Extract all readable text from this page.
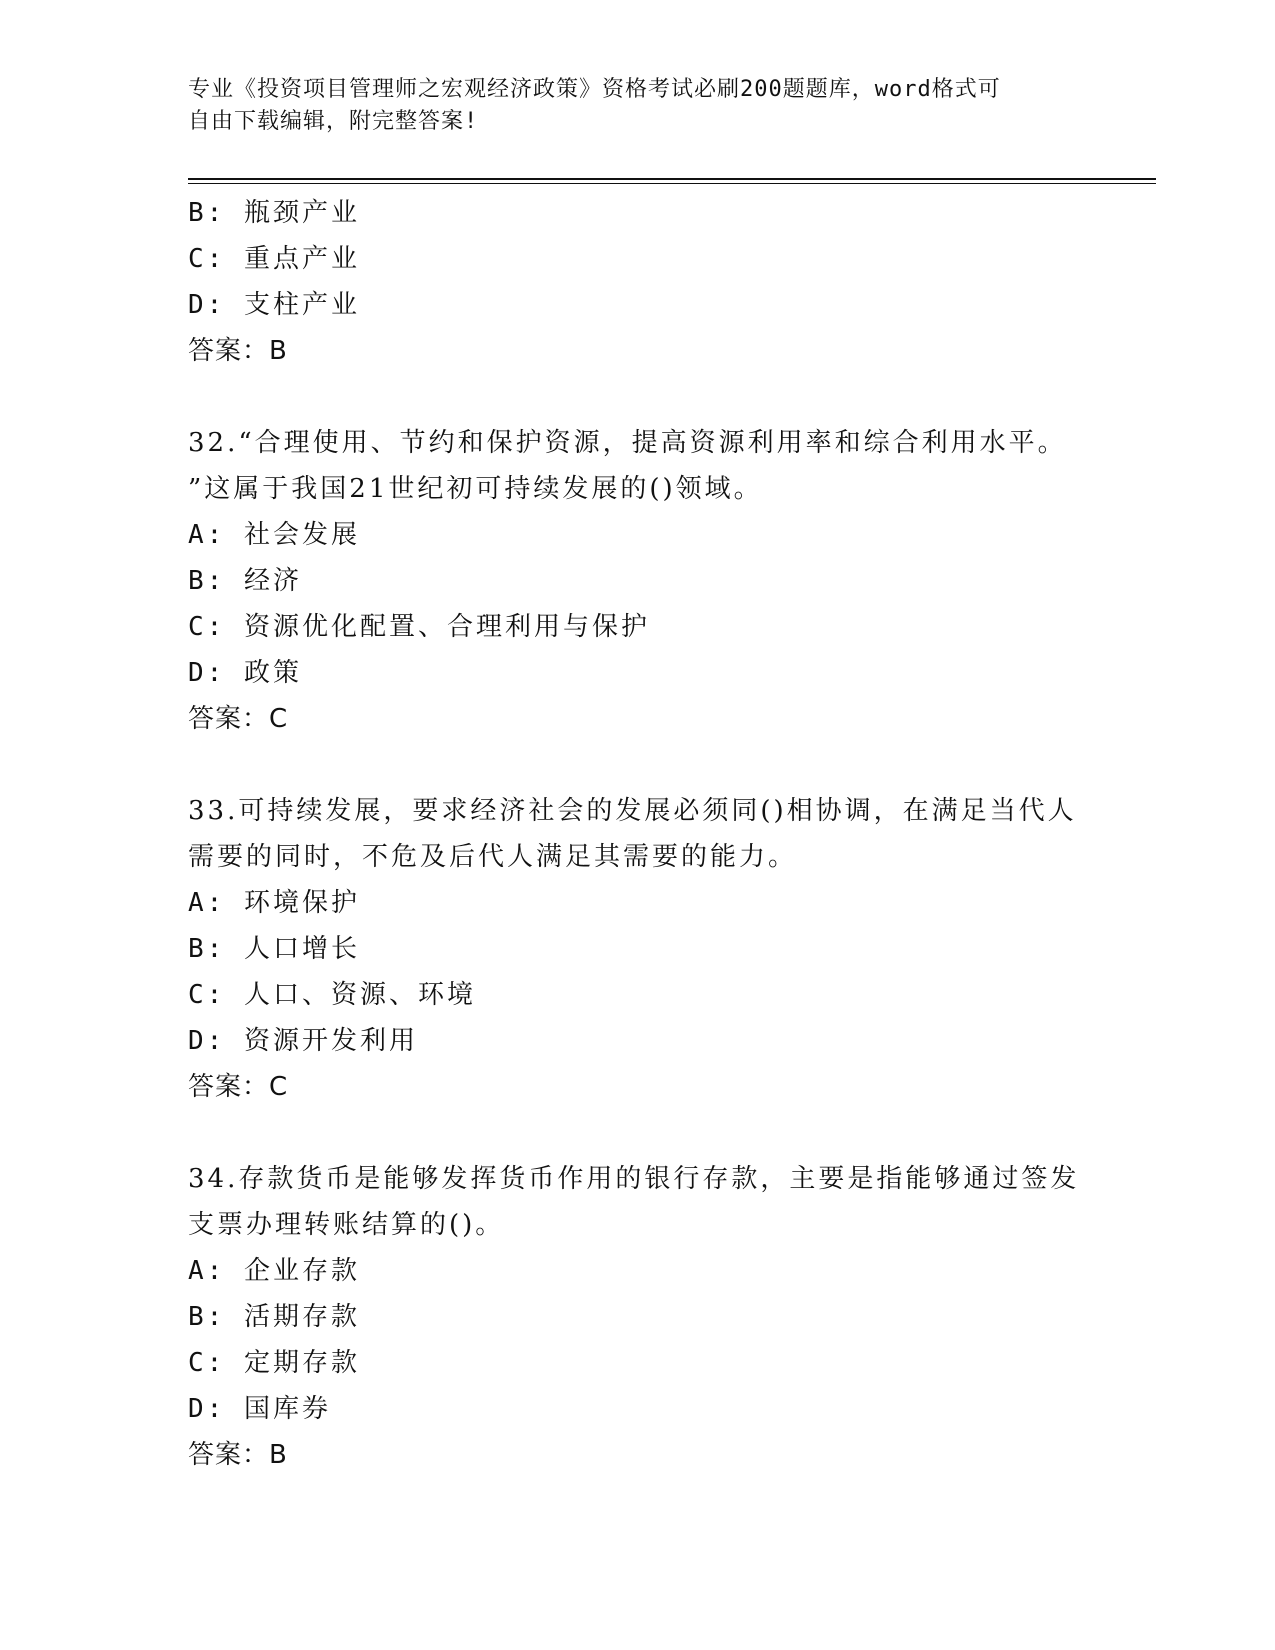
专业《投资项目管理师之宏观经济政策》资格考试必刷200题题库，word格式可
自由下载编辑，附完整答案!
B: 瓶颈产业
C: 重点产业
D: 支柱产业
答案：B
32.“合理使用、节约和保护资源，提高资源利用率和综合利用水平。
”这属于我国21世纪初可持续发展的()领域。
A: 社会发展
B: 经济
C: 资源优化配置、合理利用与保护
D: 政策
答案：C
33.可持续发展，要求经济社会的发展必须同()相协调，在满足当代人
需要的同时，不危及后代人满足其需要的能力。
A: 环境保护
B: 人口增长
C: 人口、资源、环境
D: 资源开发利用
答案：C
34.存款货币是能够发挥货币作用的银行存款，主要是指能够通过签发
支票办理转账结算的()。
A: 企业存款
B: 活期存款
C: 定期存款
D: 国库券
答案：B
